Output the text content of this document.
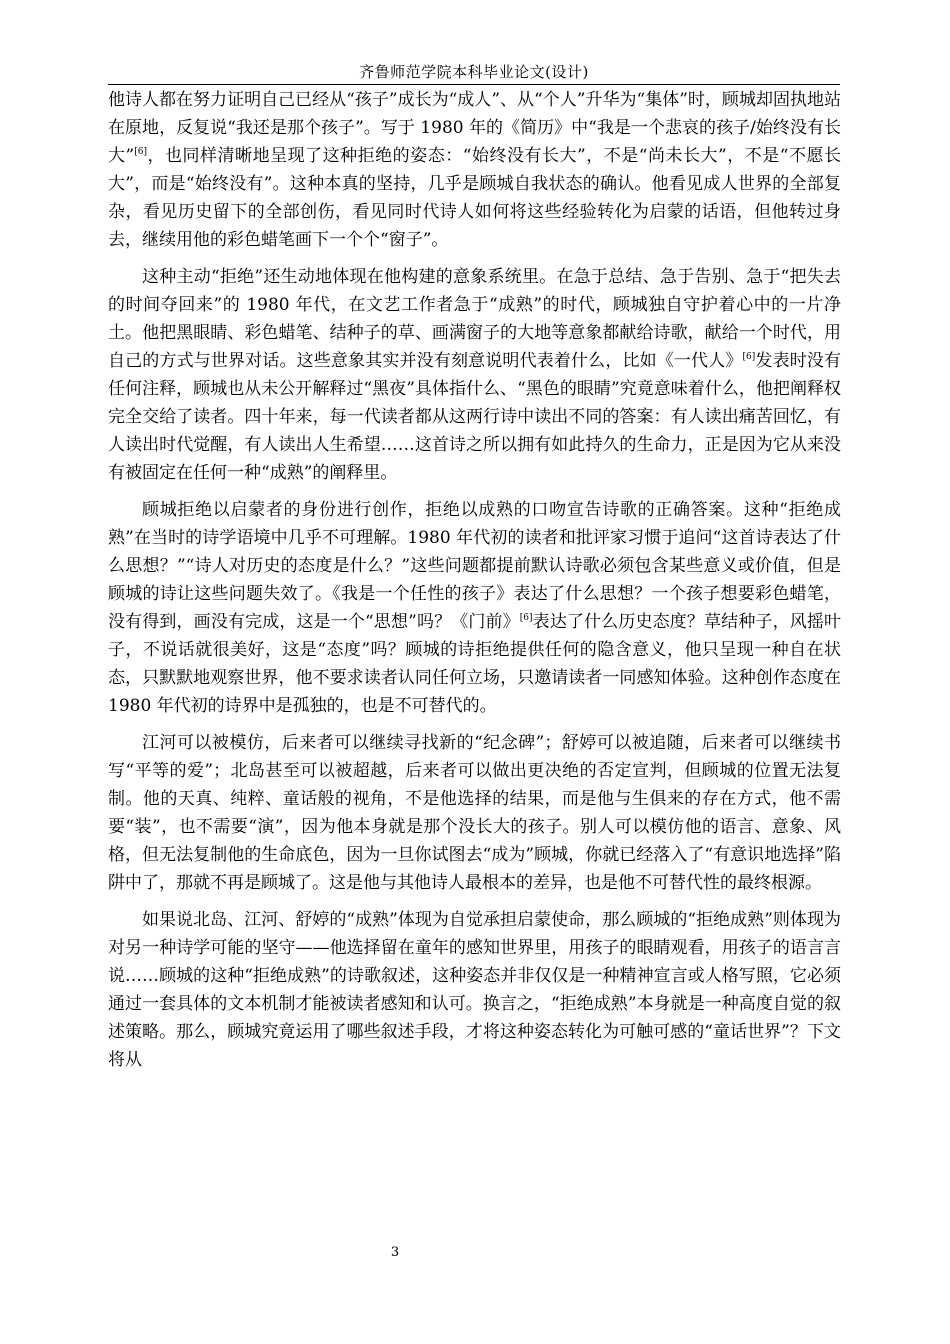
齐鲁师范学院本科毕业论文(设计)

他诗人都在努力证明自己已经从“孩子”成长为“成人”、从“个人”升华为“集体”时，顾城却固执地站在原地，反复说“我还是那个孩子”。写于 1980 年的《简历》中“我是一个悲哀的孩子/始终没有长大”[6]，也同样清晰地呈现了这种拒绝的姿态：“始终没有长大”，不是“尚未长大”，不是“不愿长大”，而是“始终没有”。这种本真的坚持，几乎是顾城自我状态的确认。他看见成人世界的全部复杂，看见历史留下的全部创伤，看见同时代诗人如何将这些经验转化为启蒙的话语，但他转过身去，继续用他的彩色蜡笔画下一个个“窗子”。

这种主动“拒绝”还生动地体现在他构建的意象系统里。在急于总结、急于告别、急于“把失去的时间夺回来”的 1980 年代，在文艺工作者急于“成熟”的时代，顾城独自守护着心中的一片净土。他把黑眼睛、彩色蜡笔、结种子的草、画满窗子的大地等意象都献给诗歌，献给一个时代，用自己的方式与世界对话。这些意象其实并没有刻意说明代表着什么，比如《一代人》[6]发表时没有任何注释，顾城也从未公开解释过“黑夜”具体指什么、“黑色的眼睛”究竟意味着什么，他把阐释权完全交给了读者。四十年来，每一代读者都从这两行诗中读出不同的答案：有人读出痛苦回忆，有人读出时代觉醒，有人读出人生希望……这首诗之所以拥有如此持久的生命力，正是因为它从来没有被固定在任何一种“成熟”的阐释里。

顾城拒绝以启蒙者的身份进行创作，拒绝以成熟的口吻宣告诗歌的正确答案。这种“拒绝成熟”在当时的诗学语境中几乎不可理解。1980 年代初的读者和批评家习惯于追问“这首诗表达了什么思想？”“诗人对历史的态度是什么？”这些问题都提前默认诗歌必须包含某些意义或价值，但是顾城的诗让这些问题失效了。《我是一个任性的孩子》表达了什么思想？一个孩子想要彩色蜡笔，没有得到，画没有完成，这是一个“思想”吗？《门前》[6]表达了什么历史态度？草结种子，风摇叶子，不说话就很美好，这是“态度”吗？顾城的诗拒绝提供任何的隐含意义，他只呈现一种自在状态，只默默地观察世界，他不要求读者认同任何立场，只邀请读者一同感知体验。这种创作态度在 1980 年代初的诗界中是孤独的，也是不可替代的。

江河可以被模仿，后来者可以继续寻找新的“纪念碑”；舒婷可以被追随，后来者可以继续书写“平等的爱”；北岛甚至可以被超越，后来者可以做出更决绝的否定宣判，但顾城的位置无法复制。他的天真、纯粹、童话般的视角，不是他选择的结果，而是他与生俱来的存在方式，他不需要“装”，也不需要“演”，因为他本身就是那个没长大的孩子。别人可以模仿他的语言、意象、风格，但无法复制他的生命底色，因为一旦你试图去“成为”顾城，你就已经落入了“有意识地选择”陷阱中了，那就不再是顾城了。这是他与其他诗人最根本的差异，也是他不可替代性的最终根源。

如果说北岛、江河、舒婷的“成熟”体现为自觉承担启蒙使命，那么顾城的“拒绝成熟”则体现为对另一种诗学可能的坚守——他选择留在童年的感知世界里，用孩子的眼睛观看，用孩子的语言言说……顾城的这种“拒绝成熟”的诗歌叙述，这种姿态并非仅仅是一种精神宣言或人格写照，它必须通过一套具体的文本机制才能被读者感知和认可。换言之，“拒绝成熟”本身就是一种高度自觉的叙述策略。那么，顾城究竟运用了哪些叙述手段，才将这种姿态转化为可触可感的“童话世界”？下文将从

3
